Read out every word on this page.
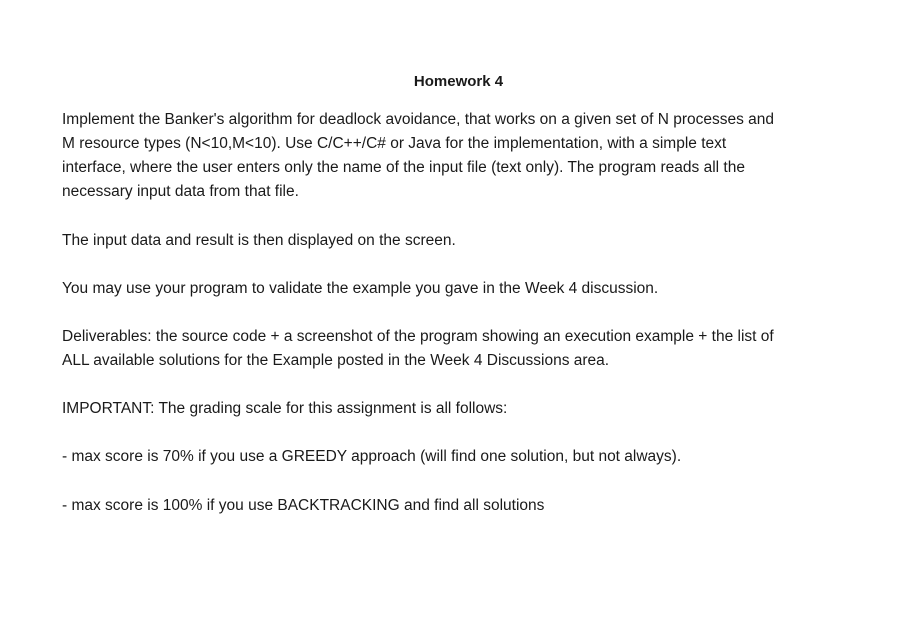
Homework 4

Implement the Banker's algorithm for deadlock avoidance, that works on a given set of N processes and
M resource types (N<10,M<10). Use C/C++/C# or Java for the implementation, with a simple text
interface, where the user enters only the name of the input file (text only). The program reads all the
necessary input data from that file.

The input data and result is then displayed on the screen.

You may use your program to validate the example you gave in the Week 4 discussion.

Deliverables: the source code + a screenshot of the program showing an execution example + the list of
ALL available solutions for the Example posted in the Week 4 Discussions area.

IMPORTANT: The grading scale for this assignment is all follows:

- max score is 70% if you use a GREEDY approach (will find one solution, but not always).

- max score is 100% if you use BACKTRACKING and find all solutions
